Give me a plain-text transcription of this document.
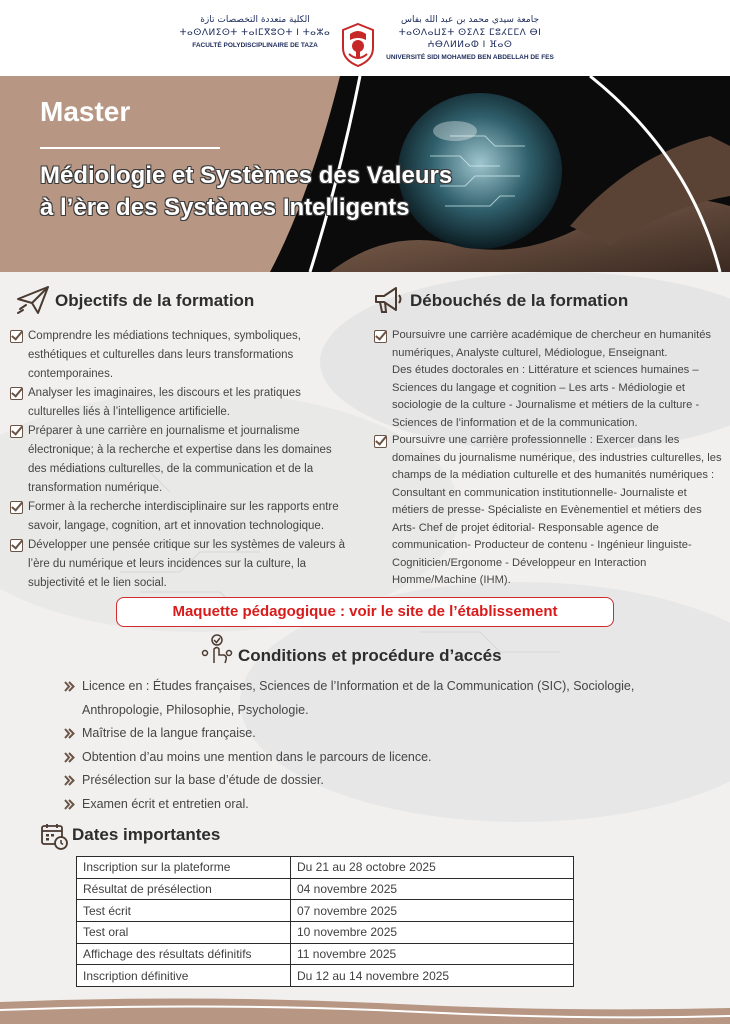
الكلية متعددة التخصصات تازة
ⵜⴰⵙⴷⵍⵉⵙⵜ ⵜⴰⵏⵎⴳⵓⵔⵜ ⵏ ⵜⴰⵣⴰ
FACULTÉ POLYDISCIPLINAIRE DE TAZA
جامعة سيدي محمد بن عبد الله بفاس
ⵜⴰⵙⴷⴰⵡⵉⵜ ⵙⵉⴷⵉ ⵎⵓⵃⵎⵎⴷ ⴱⵏ ⵄⴱⴷⵍⵍⴰⵀ ⵏ ⴼⴰⵙ
UNIVERSITÉ SIDI MOHAMED BEN ABDELLAH DE FES
Master
Médiologie et Systèmes des Valeurs
à l’ère des Systèmes Intelligents
Objectifs de la formation
Comprendre les médiations techniques, symboliques, esthétiques et culturelles dans leurs transformations contemporaines.
Analyser les imaginaires, les discours et les pratiques culturelles liés à l’intelligence artificielle.
Préparer à une carrière en journalisme et journalisme électronique; à la recherche et expertise dans les domaines des médiations culturelles, de la communication et de la transformation numérique.
Former à la recherche interdisciplinaire sur les rapports entre savoir, langage, cognition, art et innovation technologique.
Développer une pensée critique sur les systèmes de valeurs à l’ère du numérique et leurs incidences sur la culture, la subjectivité et le lien social.
Débouchés de la formation
Poursuivre une carrière académique de chercheur en humanités numériques, Analyste culturel, Médiologue, Enseignant.
Des études doctorales en : Littérature et sciences humaines – Sciences du langage et cognition – Les arts - Médiologie et sociologie de la culture - Journalisme et métiers de la culture - Sciences de l’information et de la communication.
Poursuivre une carrière professionnelle : Exercer dans les domaines du journalisme numérique, des industries culturelles, les champs de la médiation culturelle et des humanités numériques : Consultant en communication institutionnelle- Journaliste et métiers de presse- Spécialiste en Evènementiel et métiers des Arts- Chef de projet éditorial- Responsable agence de communication- Producteur de contenu - Ingénieur linguiste- Cogniticien/Ergonome - Développeur en Interaction Homme/Machine (IHM).
Maquette pédagogique : voir le site de l’établissement
Conditions et procédure d’accés
Licence en : Études françaises, Sciences de l’Information et de la Communication (SIC), Sociologie, Anthropologie, Philosophie, Psychologie.
Maîtrise de la langue française.
Obtention d’au moins une mention dans le parcours de licence.
Présélection sur la base d’étude de dossier.
Examen écrit et entretien oral.
Dates importantes
Inscription sur la plateforme	Du 21 au 28 octobre 2025
Résultat de présélection	04 novembre 2025
Test écrit	07 novembre 2025
Test oral	10 novembre 2025
Affichage des résultats définitifs	11 novembre 2025
Inscription définitive	Du 12 au 14 novembre 2025
